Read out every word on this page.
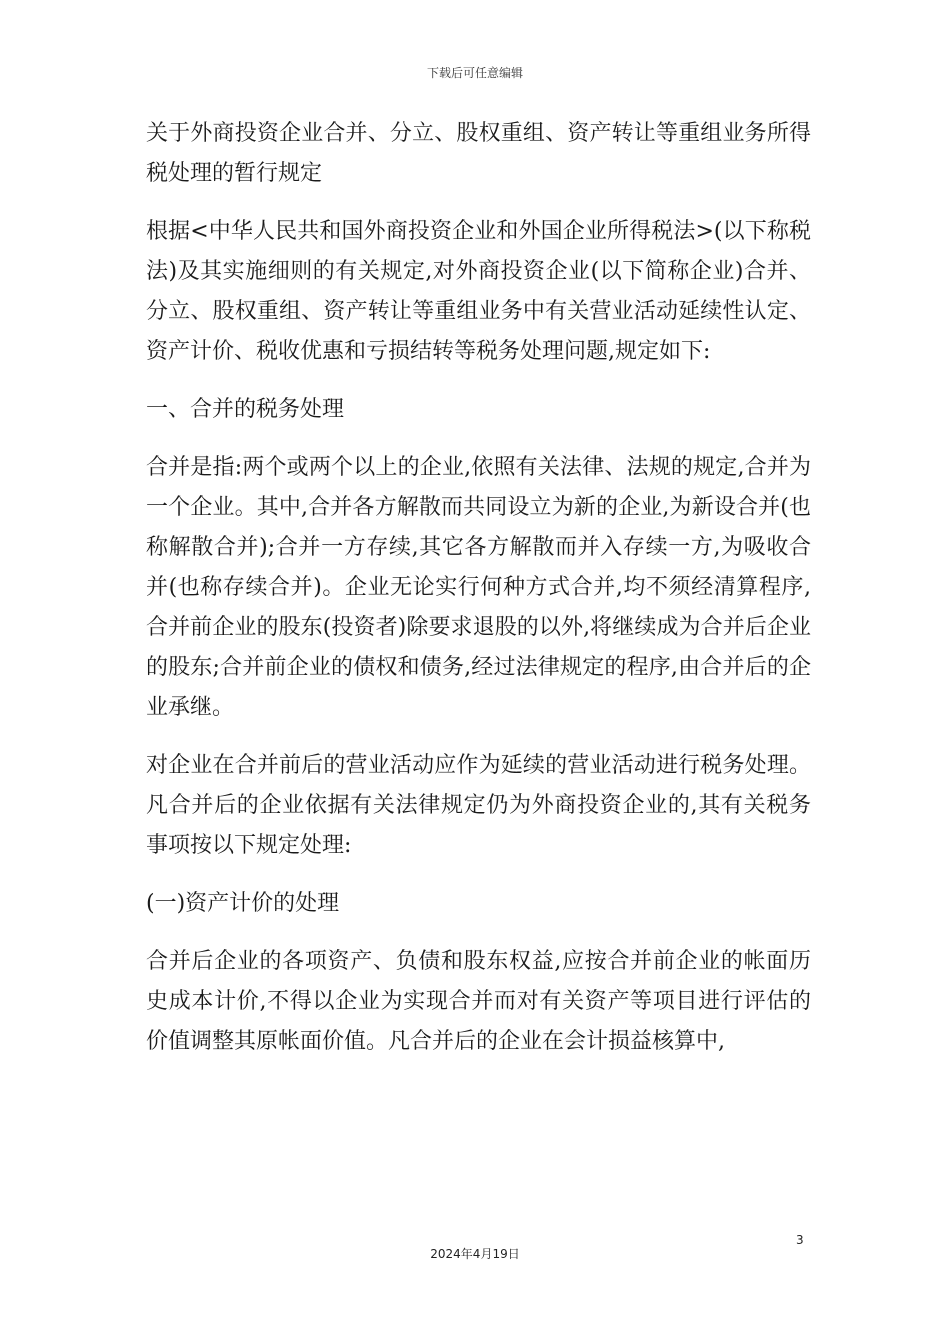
下载后可任意编辑

关于外商投资企业合并、分立、股权重组、资产转让等重组业务所得税处理的暂行规定

根据<中华人民共和国外商投资企业和外国企业所得税法>(以下称税法)及其实施细则的有关规定,对外商投资企业(以下简称企业)合并、分立、股权重组、资产转让等重组业务中有关营业活动延续性认定、资产计价、税收优惠和亏损结转等税务处理问题,规定如下:

一、合并的税务处理

合并是指:两个或两个以上的企业,依照有关法律、法规的规定,合并为一个企业。其中,合并各方解散而共同设立为新的企业,为新设合并(也称解散合并);合并一方存续,其它各方解散而并入存续一方,为吸收合并(也称存续合并)。企业无论实行何种方式合并,均不须经清算程序,合并前企业的股东(投资者)除要求退股的以外,将继续成为合并后企业的股东;合并前企业的债权和债务,经过法律规定的程序,由合并后的企业承继。

对企业在合并前后的营业活动应作为延续的营业活动进行税务处理。凡合并后的企业依据有关法律规定仍为外商投资企业的,其有关税务事项按以下规定处理:

(一)资产计价的处理

合并后企业的各项资产、负债和股东权益,应按合并前企业的帐面历史成本计价,不得以企业为实现合并而对有关资产等项目进行评估的价值调整其原帐面价值。凡合并后的企业在会计损益核算中,

3
2024年4月19日
